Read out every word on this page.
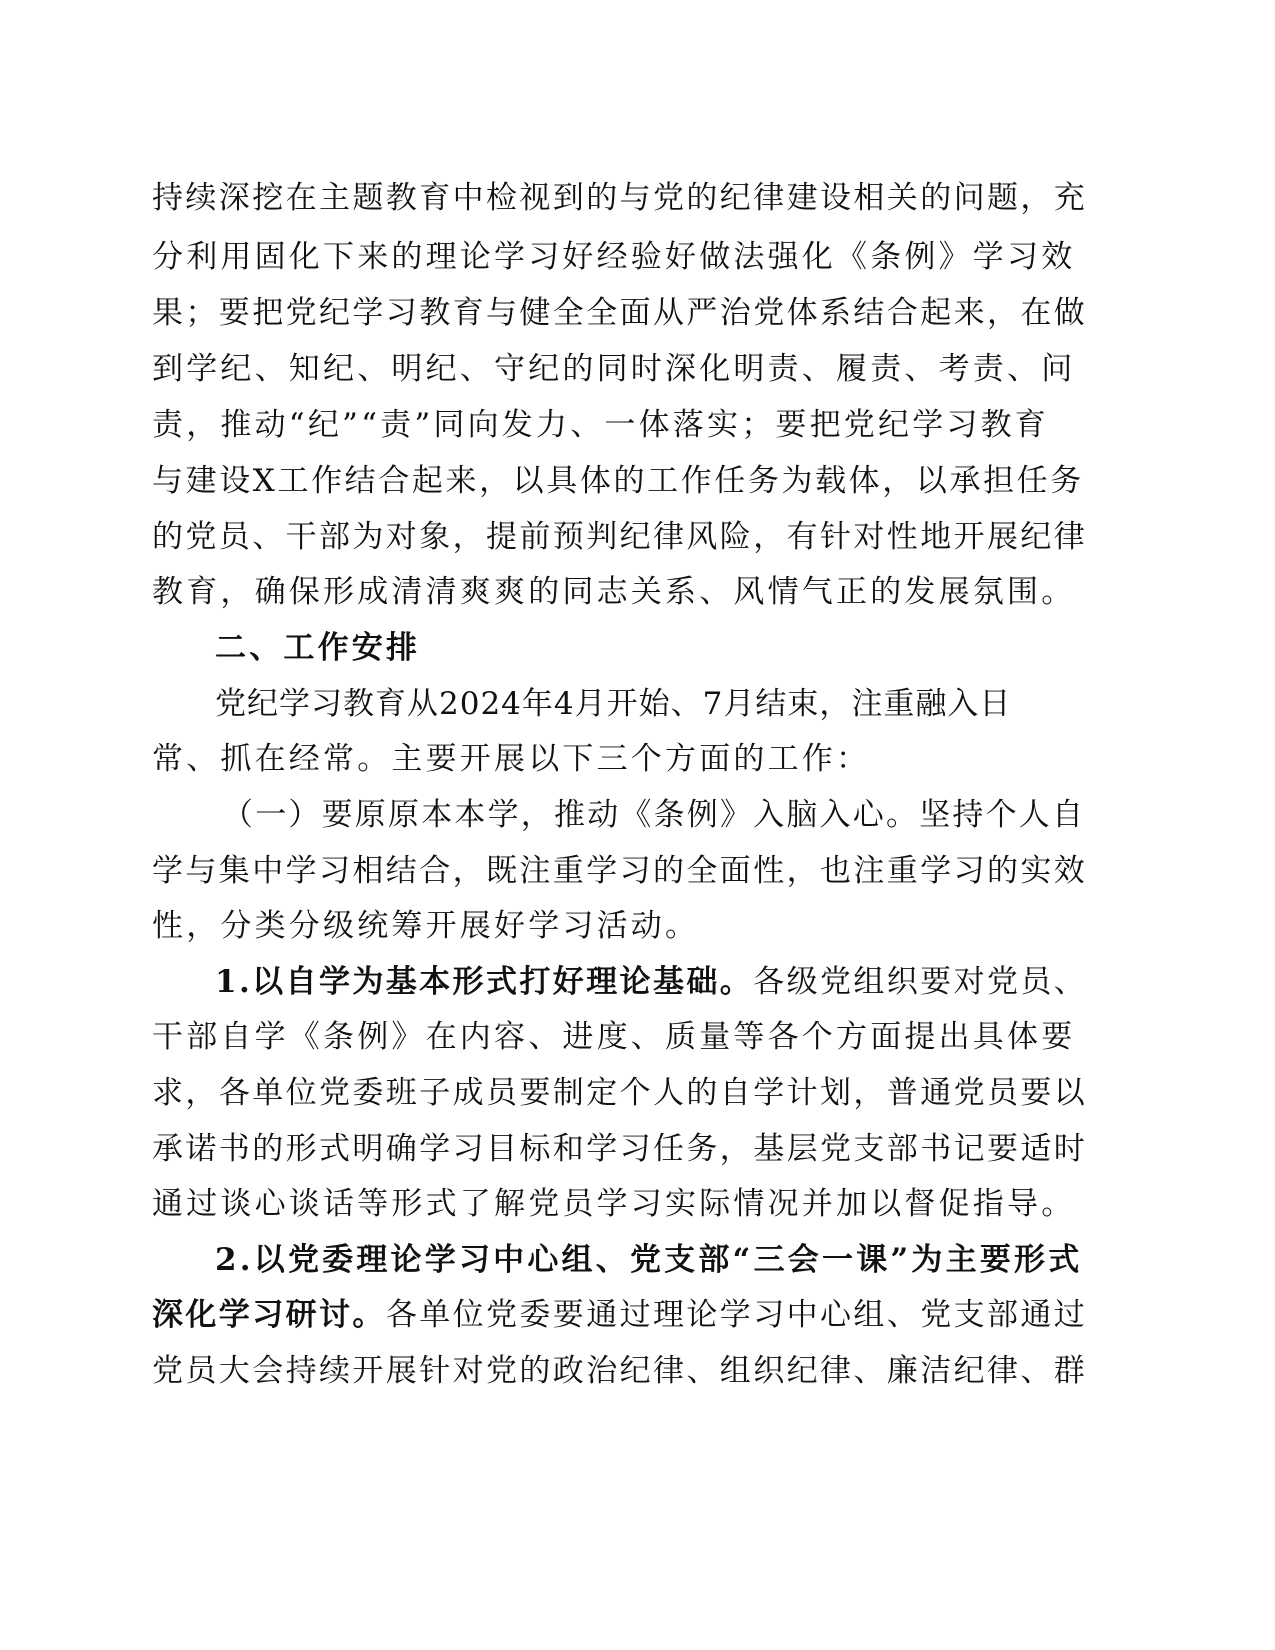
持续深挖在主题教育中检视到的与党的纪律建设相关的问题，充
分利用固化下来的理论学习好经验好做法强化《条例》学习效
果；要把党纪学习教育与健全全面从严治党体系结合起来，在做
到学纪、知纪、明纪、守纪的同时深化明责、履责、考责、问
责，推动“纪”“责”同向发力、一体落实；要把党纪学习教育
与建设X工作结合起来，以具体的工作任务为载体，以承担任务
的党员、干部为对象，提前预判纪律风险，有针对性地开展纪律
教育，确保形成清清爽爽的同志关系、风情气正的发展氛围。
二、工作安排
党纪学习教育从2024年4月开始、7月结束，注重融入日
常、抓在经常。主要开展以下三个方面的工作：
（一）要原原本本学，推动《条例》入脑入心。坚持个人自
学与集中学习相结合，既注重学习的全面性，也注重学习的实效
性，分类分级统筹开展好学习活动。
1.以自学为基本形式打好理论基础。各级党组织要对党员、
干部自学《条例》在内容、进度、质量等各个方面提出具体要
求，各单位党委班子成员要制定个人的自学计划，普通党员要以
承诺书的形式明确学习目标和学习任务，基层党支部书记要适时
通过谈心谈话等形式了解党员学习实际情况并加以督促指导。
2.以党委理论学习中心组、党支部“三会一课”为主要形式
深化学习研讨。各单位党委要通过理论学习中心组、党支部通过
党员大会持续开展针对党的政治纪律、组织纪律、廉洁纪律、群
